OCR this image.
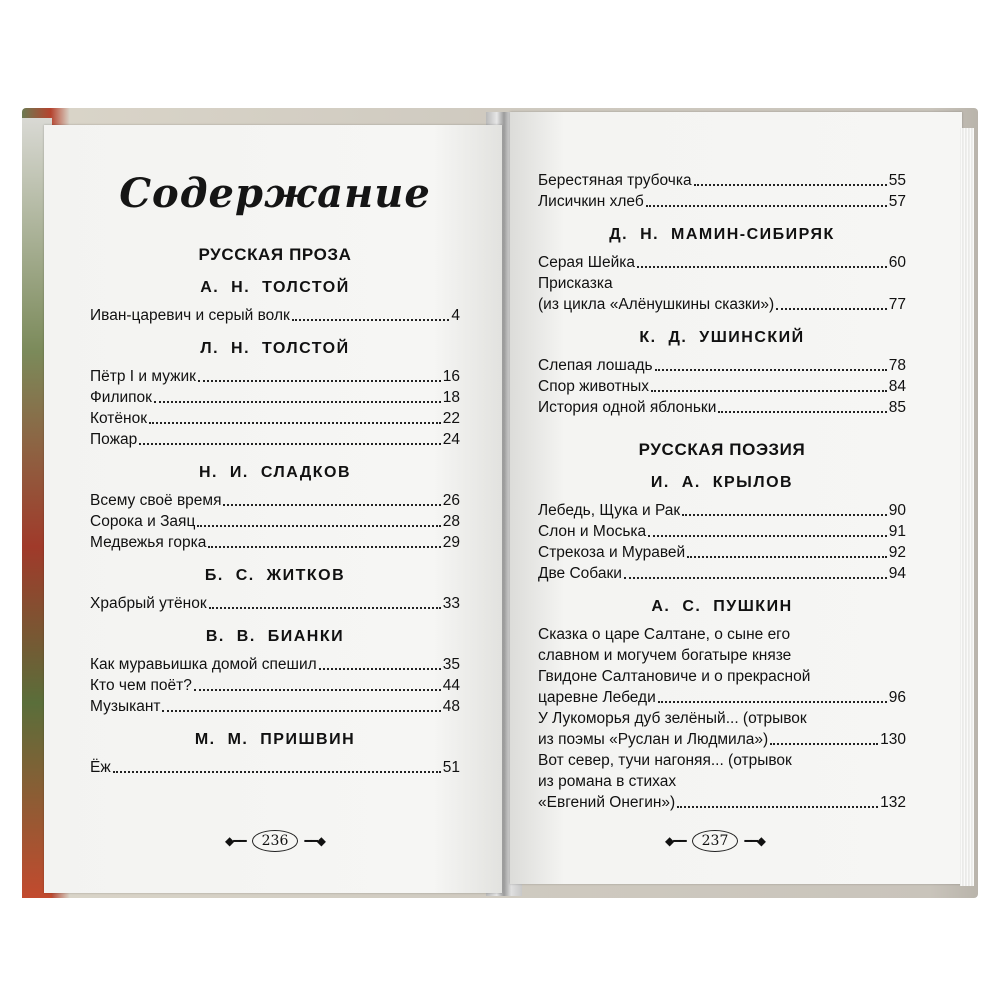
Содержание
РУССКАЯ ПРОЗА
А. Н. ТОЛСТОЙ
Иван-царевич и серый волк	4
Л. Н. ТОЛСТОЙ
Пётр I и мужик	16
Филипок	18
Котёнок	22
Пожар	24
Н. И. СЛАДКОВ
Всему своё время	26
Сорока и Заяц	28
Медвежья горка	29
Б. С. ЖИТКОВ
Храбрый утёнок	33
В. В. БИАНКИ
Как муравьишка домой спешил	35
Кто чем поёт?	44
Музыкант	48
М. М. ПРИШВИН
Ёж	51
◆━━	236	━━◆
Берестяная трубочка	55
Лисичкин хлеб	57
Д. Н. МАМИН-СИБИРЯК
Серая Шейка	60
Присказка
(из цикла «Алёнушкины сказки»)	77
К. Д. УШИНСКИЙ
Слепая лошадь	78
Спор животных	84
История одной яблоньки	85
РУССКАЯ ПОЭЗИЯ
И. А. КРЫЛОВ
Лебедь, Щука и Рак	90
Слон и Моська	91
Стрекоза и Муравей	92
Две Собаки	94
А. С. ПУШКИН
Сказка о царе Салтане, о сыне его
славном и могучем богатыре князе
Гвидоне Салтановиче и о прекрасной
царевне Лебеди	96
У Лукоморья дуб зелёный... (отрывок
из поэмы «Руслан и Людмила»)	130
Вот север, тучи нагоняя... (отрывок
из романа в стихах
«Евгений Онегин»)	132
◆━━	237	━━◆
